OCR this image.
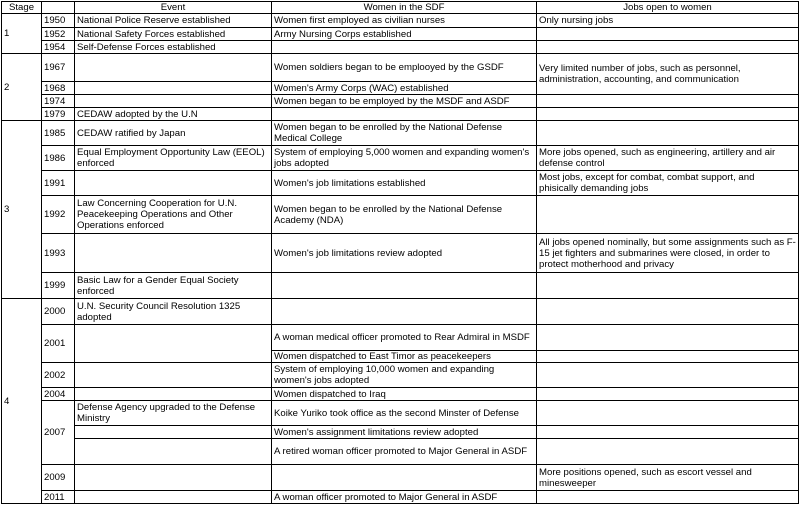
Stage		Event	Women in the SDF	Jobs open to women
1	1950	National Police Reserve established	Women first employed as civilian nurses	Only nursing jobs
	1952	National Safety Forces established	Army Nursing Corps established	
	1954	Self-Defense Forces established		
2	1967		Women soldiers began to be emplooyed by the GSDF	Very limited number of jobs, such as personnel, administration, accounting, and communication
	1968		Women's Army Corps (WAC) established	
	1974		Women began to be employed by the MSDF and ASDF	
	1979	CEDAW adopted by the U.N		
3	1985	CEDAW ratified by Japan	Women began to be enrolled by the National Defense Medical College	
	1986	Equal Employment Opportunity Law (EEOL) enforced	System of employing 5,000 women and expanding women's jobs adopted	More jobs opened, such as engineering, artillery and air defense control
	1991		Women's job limitations established	Most jobs, except for combat, combat support, and phisically demanding jobs
	1992	Law Concerning Cooperation for U.N. Peacekeeping Operations and Other Operations enforced	Women began to be enrolled by the National Defense Academy (NDA)	
	1993		Women's job limitations review adopted	All jobs opened nominally, but some assignments such as F-15 jet fighters and submarines were closed, in order to protect motherhood and privacy
	1999	Basic Law for a Gender Equal Society enforced		
4	2000	U.N. Security Council Resolution 1325 adopted		
	2001		A woman medical officer promoted to Rear Admiral in MSDF	
			Women dispatched to East Timor as peacekeepers	
	2002		System of employing 10,000 women and expanding women's jobs adopted	
	2004		Women dispatched to Iraq	
	2007	Defense Agency upgraded to the Defense Ministry	Koike Yuriko took office as the second Minster of Defense	
			Women's assignment limitations review adopted	
			A retired woman officer promoted to Major General in ASDF	
	2009			More positions opened, such as escort vessel and minesweeper
	2011		A woman officer promoted to Major General in ASDF	
